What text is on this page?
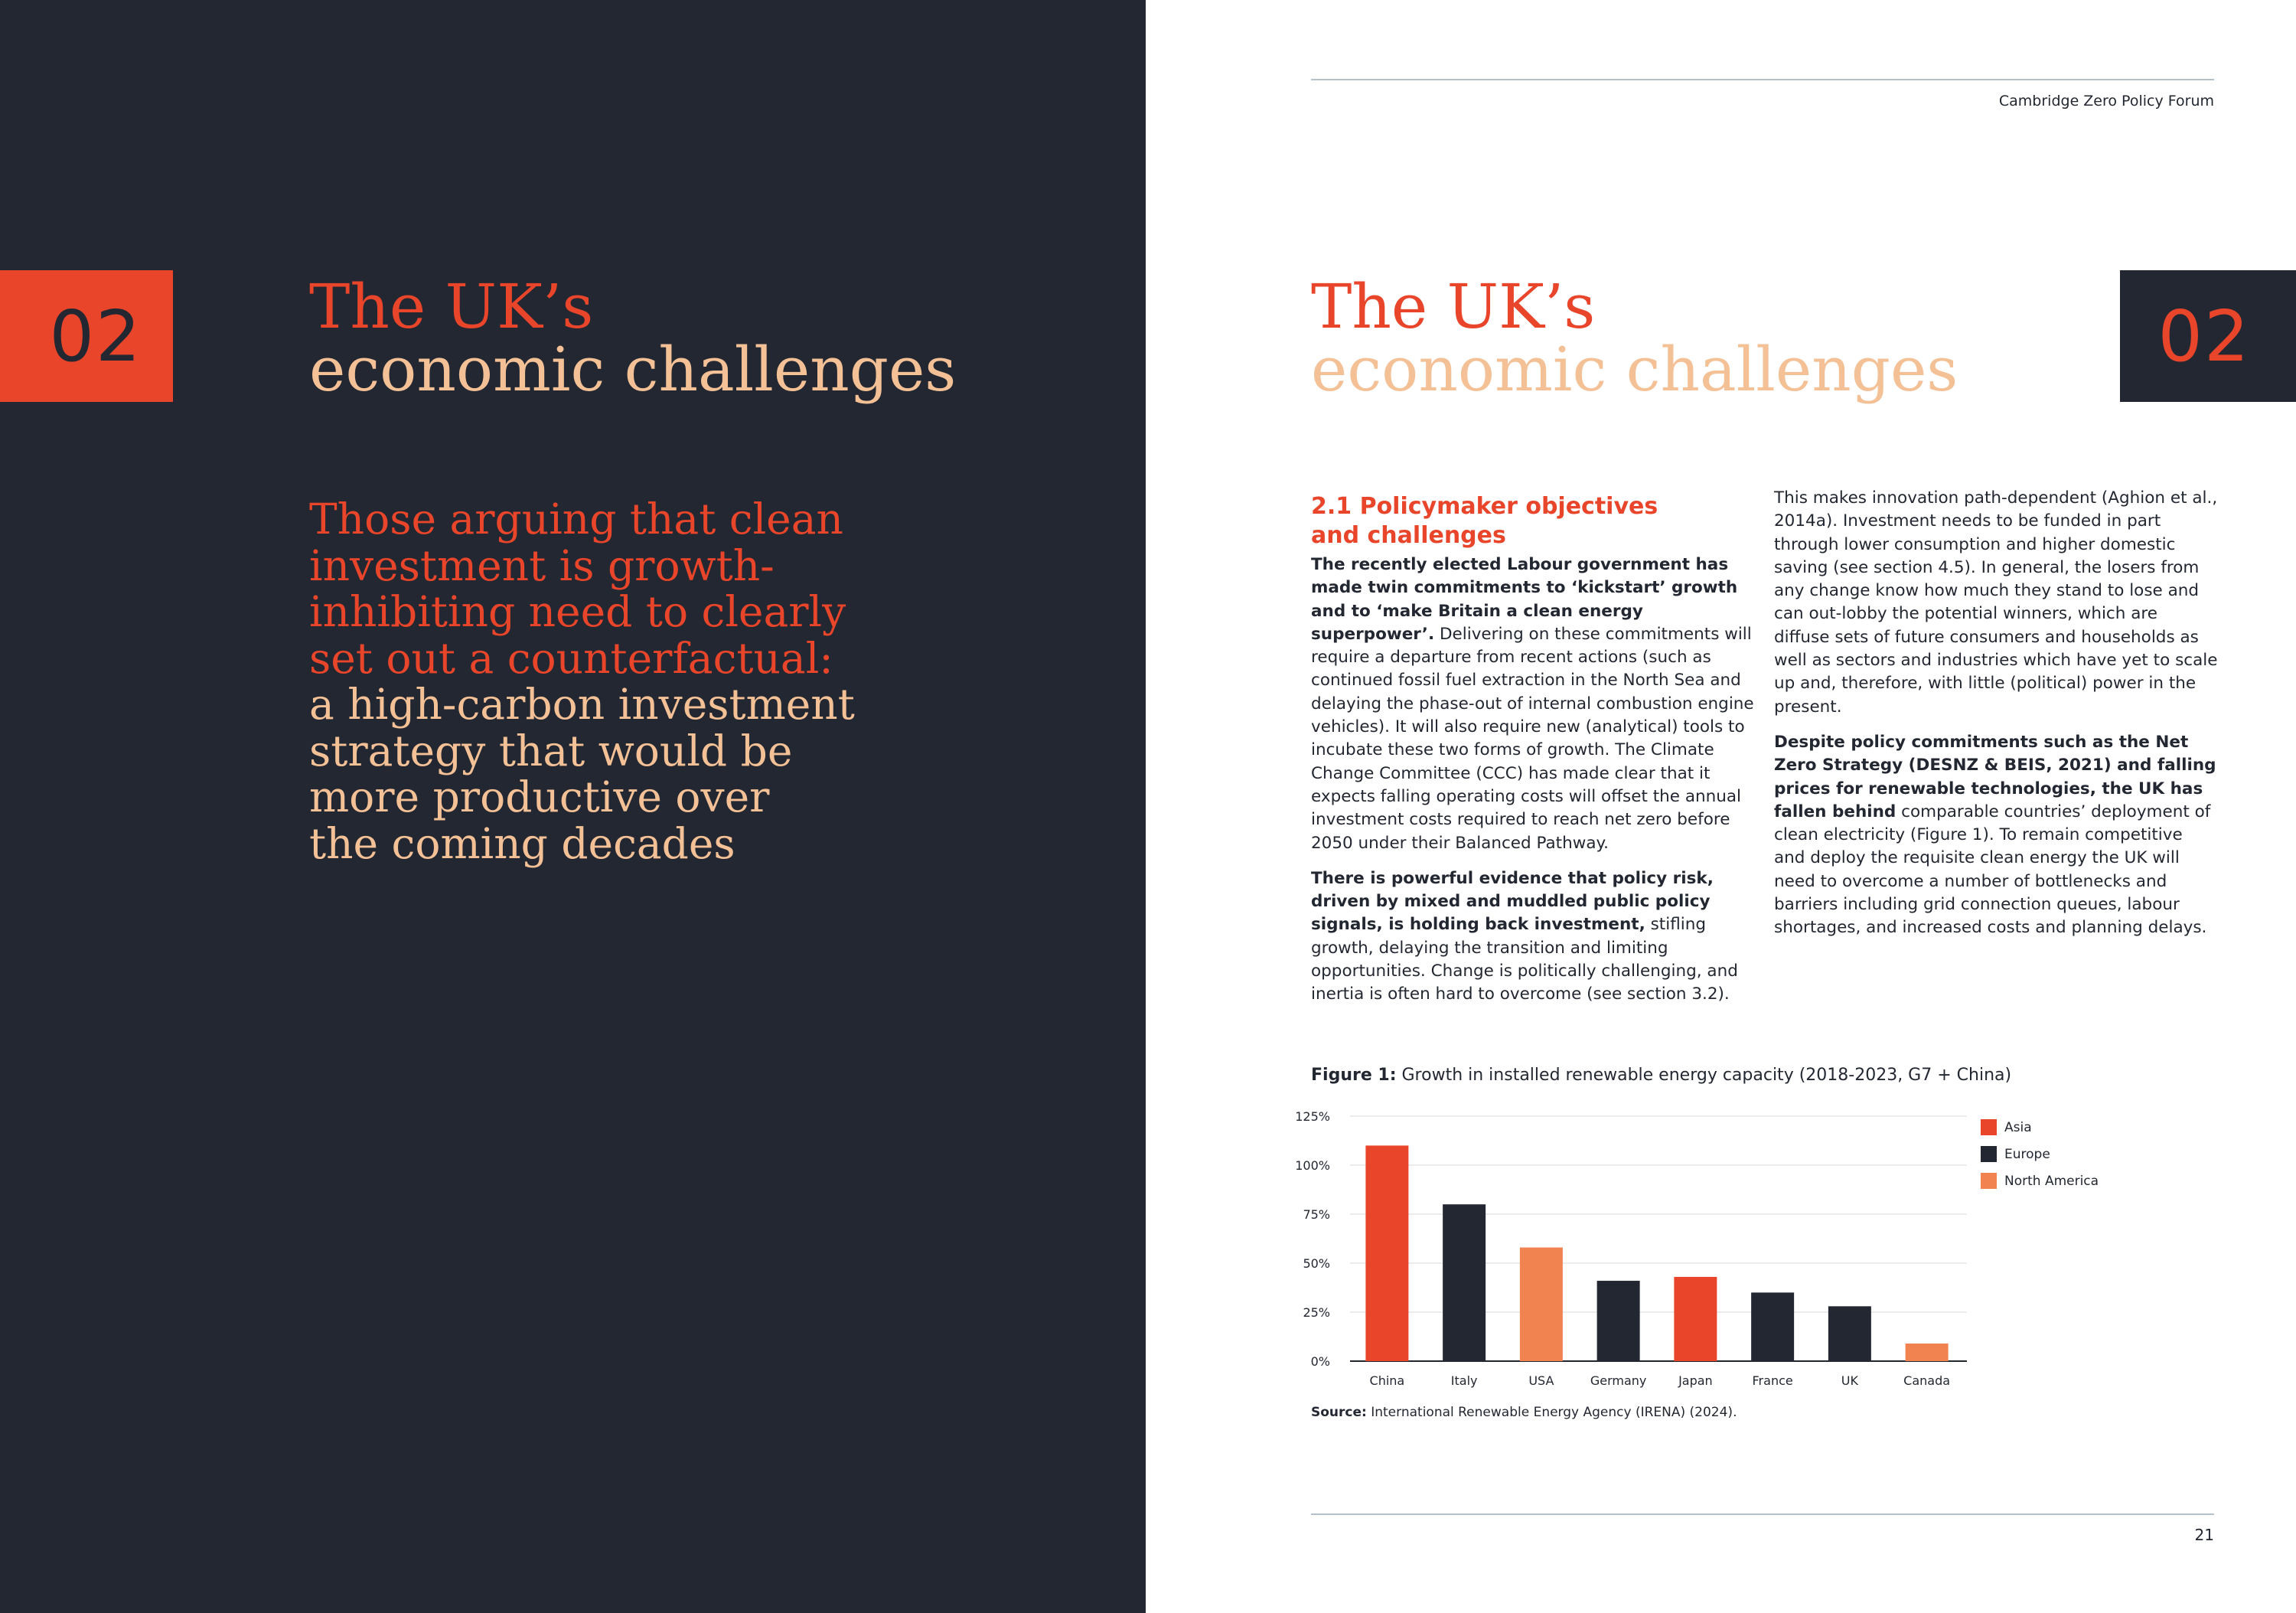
02	The UK’s
economic challenges
Those arguing that clean
investment is growth-
inhibiting need to clearly
set out a counterfactual:
a high-carbon investment
strategy that would be
more productive over
the coming decades
Cambridge Zero Policy Forum
The UK’s
economic challenges	02
2.1 Policymaker objectives
and challenges

The recently elected Labour government has made twin commitments to ‘kickstart’ growth and to ‘make Britain a clean energy superpower’. Delivering on these commitments will require a departure from recent actions (such as continued fossil fuel extraction in the North Sea and delaying the phase-out of internal combustion engine vehicles). It will also require new (analytical) tools to incubate these two forms of growth. The Climate Change Committee (CCC) has made clear that it expects falling operating costs will offset the annual investment costs required to reach net zero before 2050 under their Balanced Pathway.

There is powerful evidence that policy risk, driven by mixed and muddled public policy signals, is holding back investment, stifling growth, delaying the transition and limiting opportunities. Change is politically challenging, and inertia is often hard to overcome (see section 3.2).

This makes innovation path-dependent (Aghion et al., 2014a). Investment needs to be funded in part through lower consumption and higher domestic saving (see section 4.5). In general, the losers from any change know how much they stand to lose and can out-lobby the potential winners, which are diffuse sets of future consumers and households as well as sectors and industries which have yet to scale up and, therefore, with little (political) power in the present.

Despite policy commitments such as the Net Zero Strategy (DESNZ & BEIS, 2021) and falling prices for renewable technologies, the UK has fallen behind comparable countries’ deployment of clean electricity (Figure 1). To remain competitive and deploy the requisite clean energy the UK will need to overcome a number of bottlenecks and barriers including grid connection queues, labour shortages, and increased costs and planning delays.

Figure 1: Growth in installed renewable energy capacity (2018-2023, G7 + China)
0%
25%
50%
75%
100%
125%
China	Italy	USA	Germany	Japan	France	UK	Canada
Asia
Europe
North America
Source: International Renewable Energy Agency (IRENA) (2024).
21
